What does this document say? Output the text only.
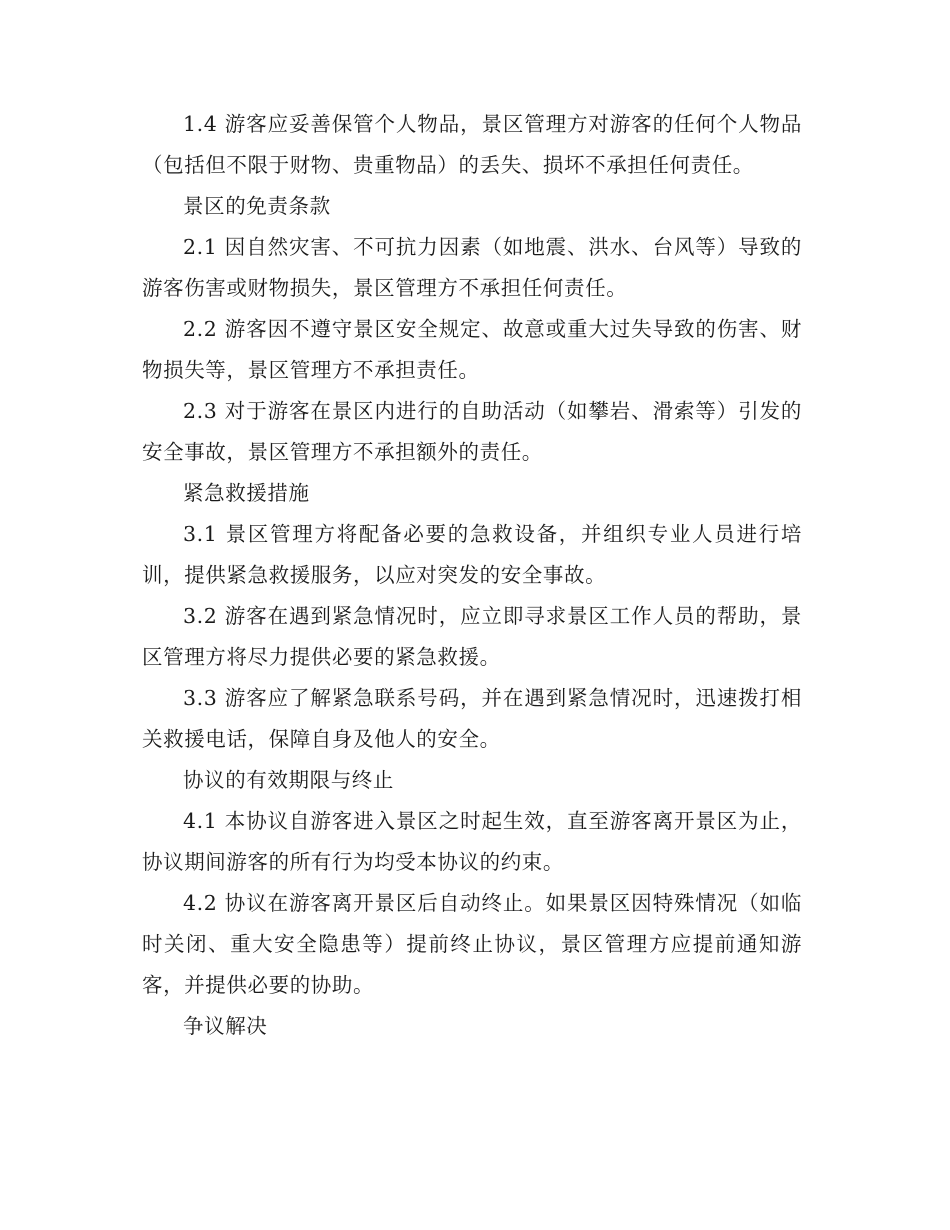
1.4 游客应妥善保管个人物品，景区管理方对游客的任何个人物品（包括但不限于财物、贵重物品）的丢失、损坏不承担任何责任。

景区的免责条款

2.1 因自然灾害、不可抗力因素（如地震、洪水、台风等）导致的游客伤害或财物损失，景区管理方不承担任何责任。

2.2 游客因不遵守景区安全规定、故意或重大过失导致的伤害、财物损失等，景区管理方不承担责任。

2.3 对于游客在景区内进行的自助活动（如攀岩、滑索等）引发的安全事故，景区管理方不承担额外的责任。

紧急救援措施

3.1 景区管理方将配备必要的急救设备，并组织专业人员进行培训，提供紧急救援服务，以应对突发的安全事故。

3.2 游客在遇到紧急情况时，应立即寻求景区工作人员的帮助，景区管理方将尽力提供必要的紧急救援。

3.3 游客应了解紧急联系号码，并在遇到紧急情况时，迅速拨打相关救援电话，保障自身及他人的安全。

协议的有效期限与终止

4.1 本协议自游客进入景区之时起生效，直至游客离开景区为止，协议期间游客的所有行为均受本协议的约束。

4.2 协议在游客离开景区后自动终止。如果景区因特殊情况（如临时关闭、重大安全隐患等）提前终止协议，景区管理方应提前通知游客，并提供必要的协助。

争议解决
